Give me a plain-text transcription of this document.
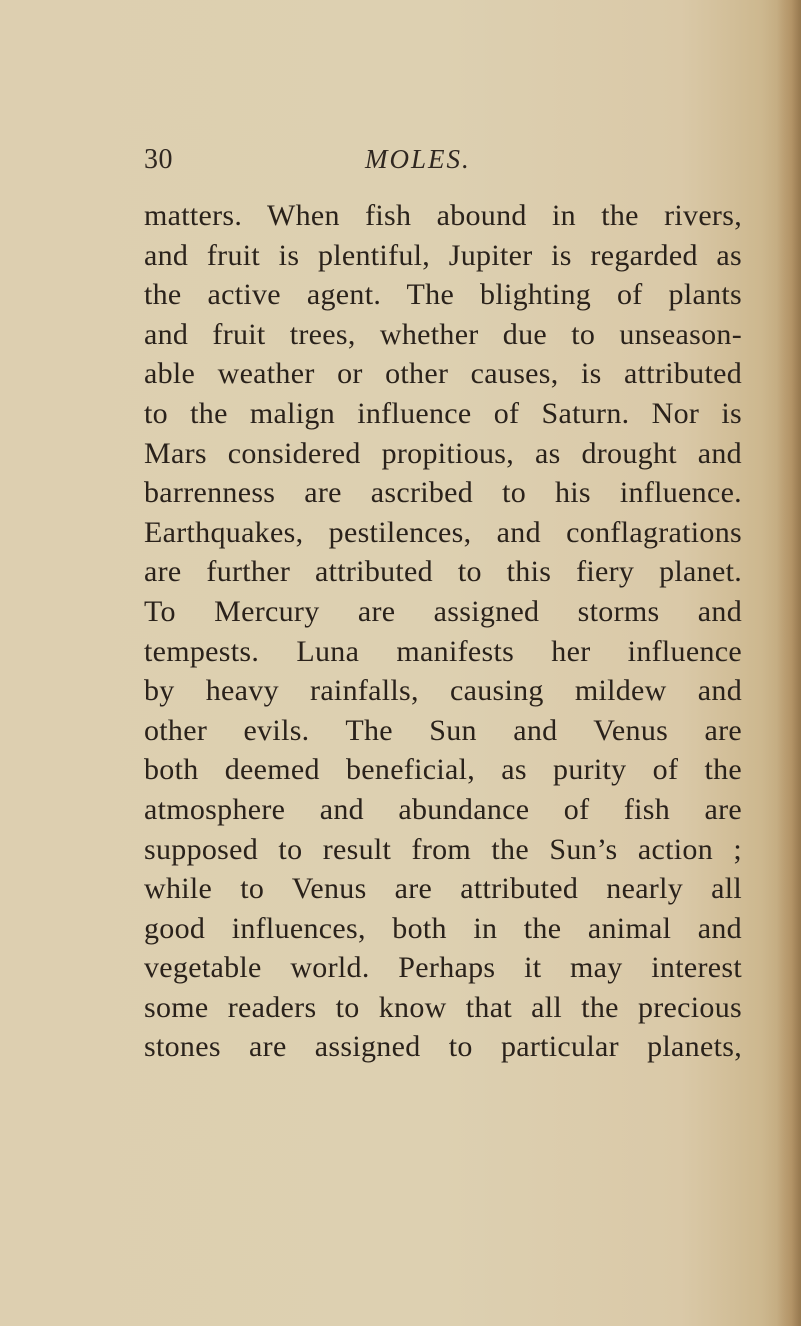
30	MOLES.
matters. When fish abound in the rivers,
and fruit is plentiful, Jupiter is regarded as
the active agent. The blighting of plants
and fruit trees, whether due to unseason-
able weather or other causes, is attributed
to the malign influence of Saturn. Nor is
Mars considered propitious, as drought and
barrenness are ascribed to his influence.
Earthquakes, pestilences, and conflagrations
are further attributed to this fiery planet.
To Mercury are assigned storms and
tempests. Luna manifests her influence
by heavy rainfalls, causing mildew and
other evils. The Sun and Venus are
both deemed beneficial, as purity of the
atmosphere and abundance of fish are
supposed to result from the Sun’s action ;
while to Venus are attributed nearly all
good influences, both in the animal and
vegetable world. Perhaps it may interest
some readers to know that all the precious
stones are assigned to particular planets,
